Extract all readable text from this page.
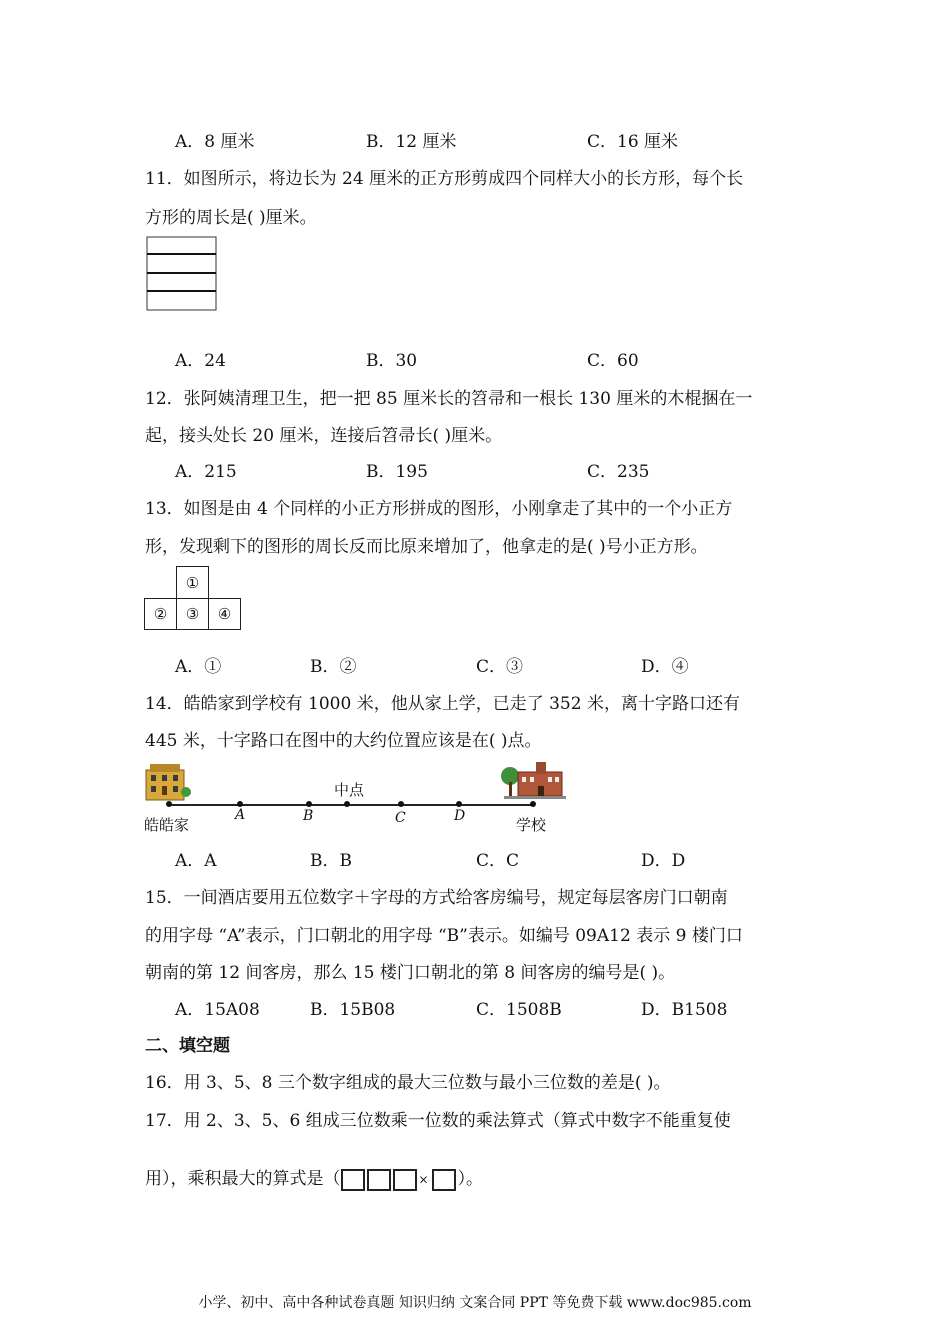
A．8 厘米	B．12 厘米	C．16 厘米
11．如图所示，将边长为 24 厘米的正方形剪成四个同样大小的长方形，每个长
方形的周长是( )厘米。
A．24	B．30	C．60
12．张阿姨清理卫生，把一把 85 厘米长的笤帚和一根长 130 厘米的木棍捆在一
起，接头处长 20 厘米，连接后笤帚长( )厘米。
A．215	B．195	C．235
13．如图是由 4 个同样的小正方形拼成的图形，小刚拿走了其中的一个小正方
形，发现剩下的图形的周长反而比原来增加了，他拿走的是( )号小正方形。
①
②	③	④
A．①	B．②	C．③	D．④
14．皓皓家到学校有 1000 米，他从家上学，已走了 352 米，离十字路口还有
445 米，十字路口在图中的大约位置应该是在( )点。
中点
A	B	C	D
皓皓家	学校
A．A	B．B	C．C	D．D
15．一间酒店要用五位数字＋字母的方式给客房编号，规定每层客房门口朝南
的用字母 “A”表示，门口朝北的用字母 “B”表示。如编号 09A12 表示 9 楼门口
朝南的第 12 间客房，那么 15 楼门口朝北的第 8 间客房的编号是( )。
A．15A08	B．15B08	C．1508B	D．B1508
二、填空题
16．用 3、5、8 三个数字组成的最大三位数与最小三位数的差是( )。
17．用 2、3、5、6 组成三位数乘一位数的乘法算式（算式中数字不能重复使
用），乘积最大的算式是（	× ）。
小学、初中、高中各种试卷真题 知识归纳 文案合同 PPT 等免费下载 www.doc985.com
